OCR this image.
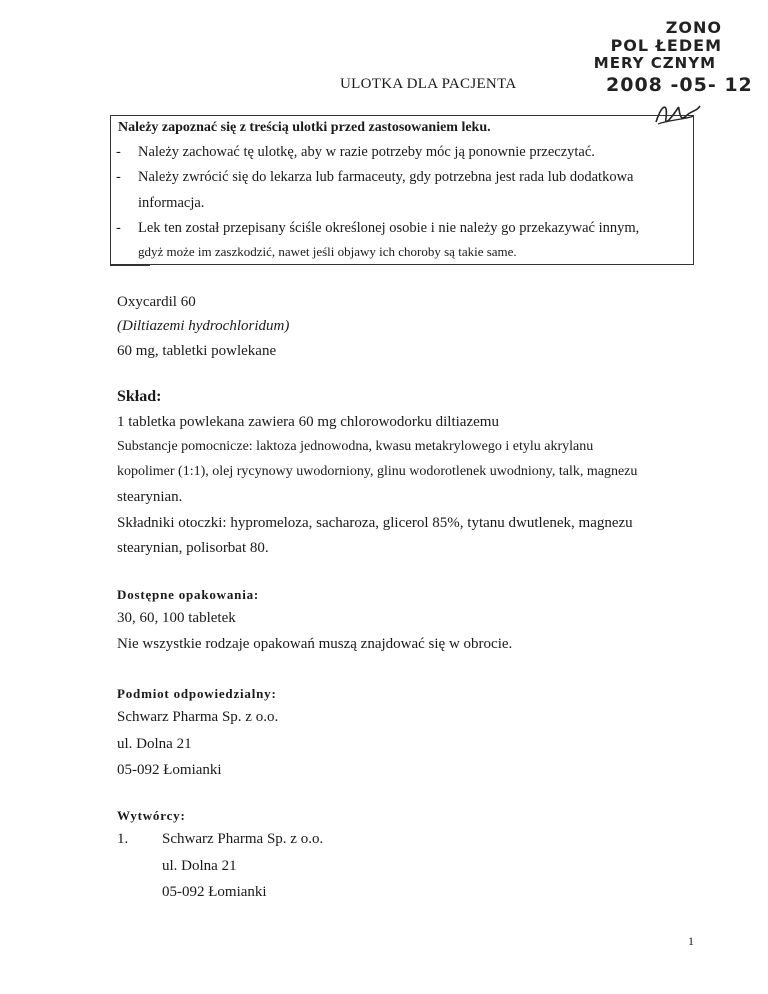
ZONO
POL ŁEDEM
MERY CZNYM
2008 -05- 12
ULOTKA DLA PACJENTA
Należy zapoznać się z treścią ulotki przed zastosowaniem leku.
- Należy zachować tę ulotkę, aby w razie potrzeby móc ją ponownie przeczytać.
- Należy zwrócić się do lekarza lub farmaceuty, gdy potrzebna jest rada lub dodatkowa
informacja.
- Lek ten został przepisany ściśle określonej osobie i nie należy go przekazywać innym,
gdyż może im zaszkodzić, nawet jeśli objawy ich choroby są takie same.
Oxycardil 60
(Diltiazemi hydrochloridum)
60 mg, tabletki powlekane
Skład:
1 tabletka powlekana zawiera 60 mg chlorowodorku diltiazemu
Substancje pomocnicze: laktoza jednowodna, kwasu metakrylowego i etylu akrylanu
kopolimer (1:1), olej rycynowy uwodorniony, glinu wodorotlenek uwodniony, talk, magnezu
stearynian.
Składniki otoczki: hypromeloza, sacharoza, glicerol 85%, tytanu dwutlenek, magnezu
stearynian, polisorbat 80.
Dostępne opakowania:
30, 60, 100 tabletek
Nie wszystkie rodzaje opakowań muszą znajdować się w obrocie.
Podmiot odpowiedzialny:
Schwarz Pharma Sp. z o.o.
ul. Dolna 21
05-092 Łomianki
Wytwórcy:
1. Schwarz Pharma Sp. z o.o.
ul. Dolna 21
05-092 Łomianki
1
